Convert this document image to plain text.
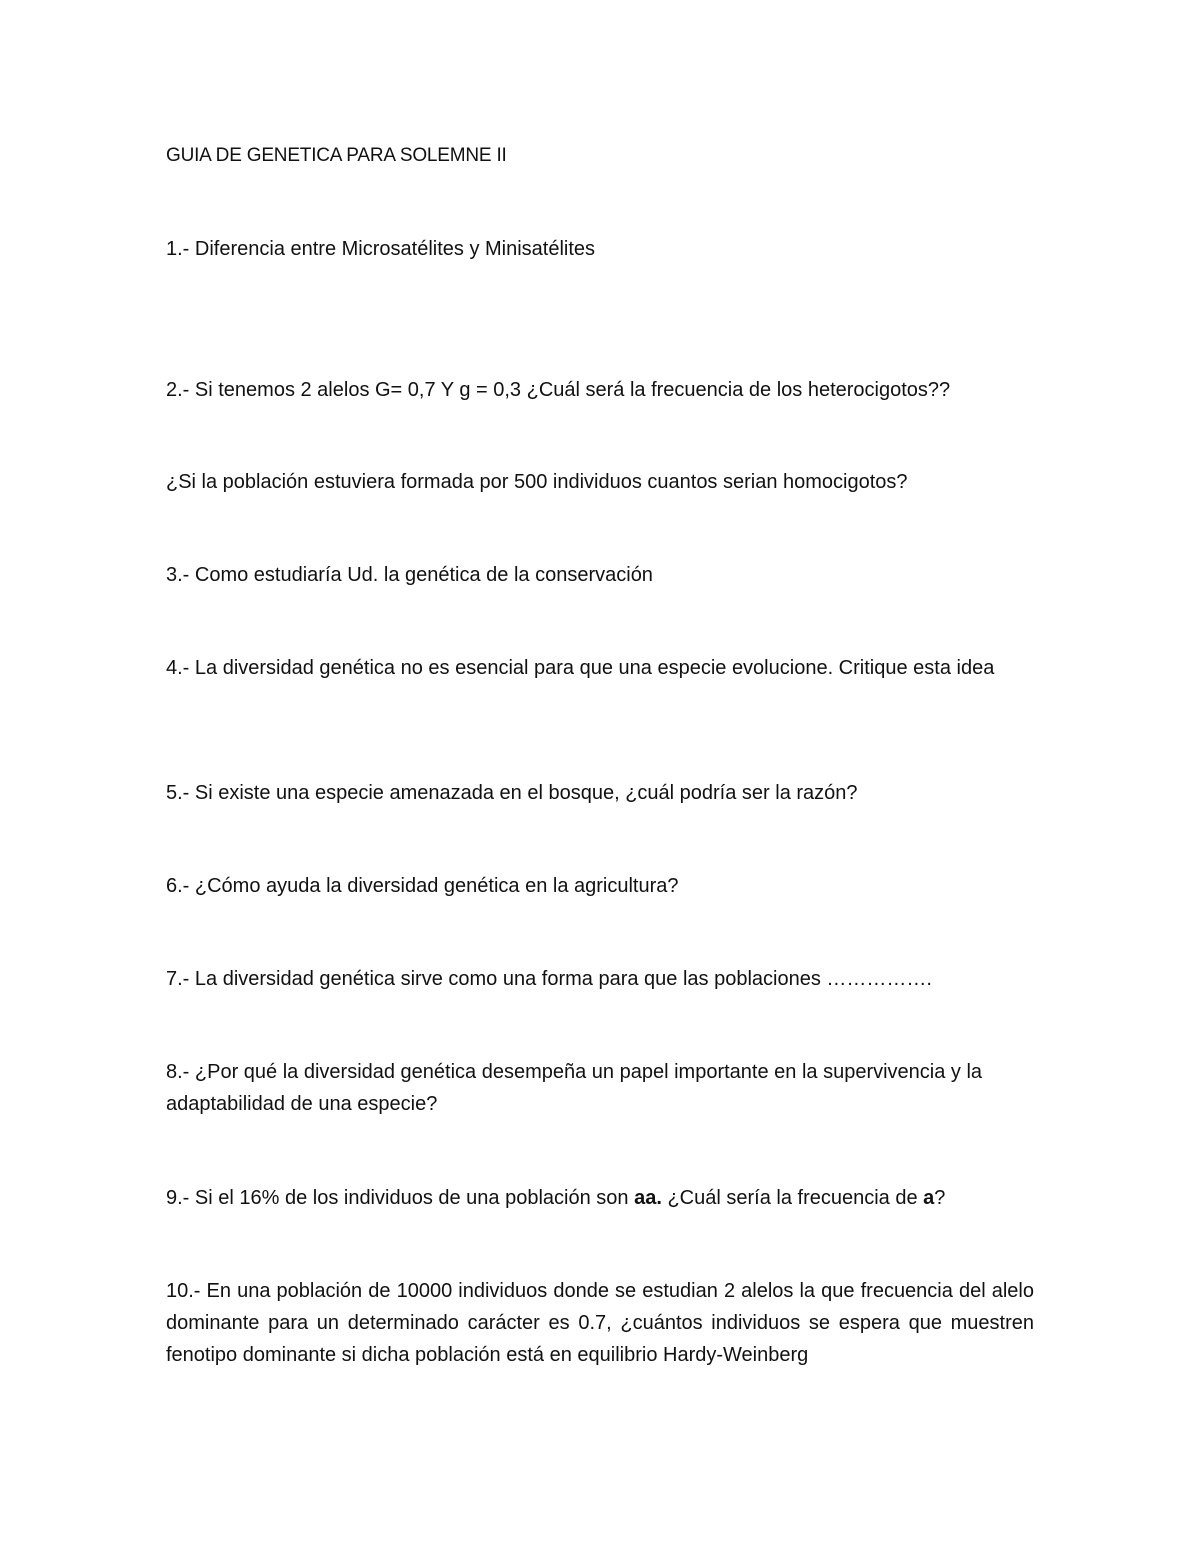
GUIA DE GENETICA PARA SOLEMNE II
1.- Diferencia entre Microsatélites y Minisatélites
2.- Si tenemos 2 alelos G= 0,7 Y g = 0,3 ¿Cuál será la frecuencia de los heterocigotos??
¿Si la población estuviera formada por 500 individuos cuantos serian homocigotos?
3.- Como estudiaría Ud. la genética de la conservación
4.- La diversidad genética no es esencial para que una especie evolucione. Critique esta idea
5.- Si existe una especie amenazada en el bosque, ¿cuál podría ser la razón?
6.- ¿Cómo ayuda la diversidad genética en la agricultura?
7.- La diversidad genética sirve como una forma para que las poblaciones …………….
8.- ¿Por qué la diversidad genética desempeña un papel importante en la supervivencia y la adaptabilidad de una especie?
9.- Si el 16% de los individuos de una población son aa. ¿Cuál sería la frecuencia de a?
10.- En una población de 10000 individuos donde se estudian 2 alelos la que frecuencia del alelo dominante para un determinado carácter es 0.7, ¿cuántos individuos se espera que muestren fenotipo dominante si dicha población está en equilibrio Hardy-Weinberg
